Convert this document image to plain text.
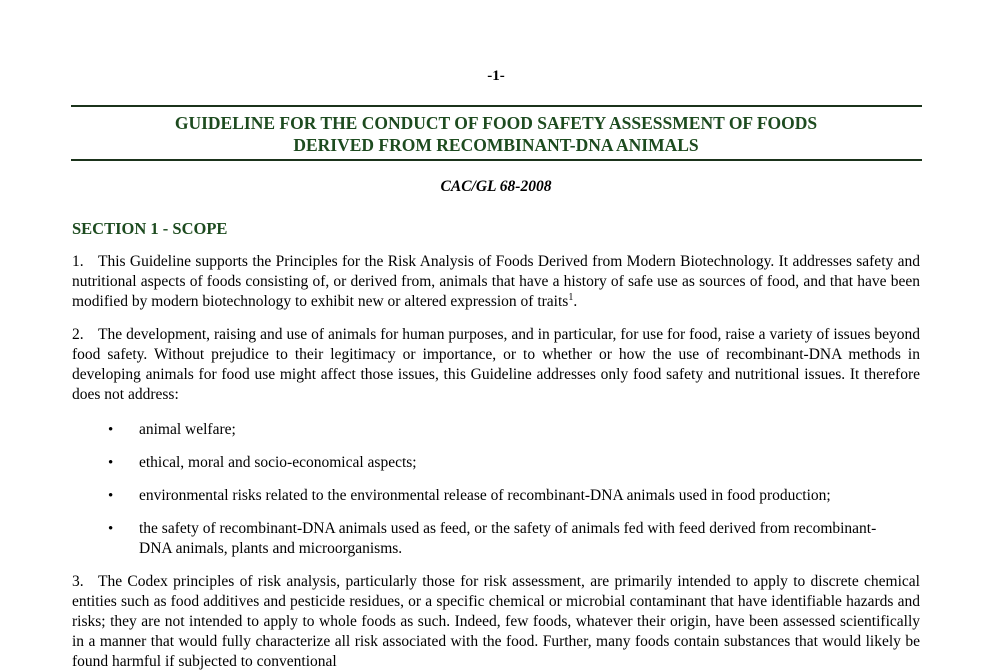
-1-
GUIDELINE FOR THE CONDUCT OF FOOD SAFETY ASSESSMENT OF FOODS
DERIVED FROM RECOMBINANT-DNA ANIMALS
CAC/GL 68-2008
SECTION 1 - SCOPE

1. This Guideline supports the Principles for the Risk Analysis of Foods Derived from Modern Biotechnology. It addresses safety and nutritional aspects of foods consisting of, or derived from, animals that have a history of safe use as sources of food, and that have been modified by modern biotechnology to exhibit new or altered expression of traits$^1$.

2. The development, raising and use of animals for human purposes, and in particular, for use for food, raise a variety of issues beyond food safety. Without prejudice to their legitimacy or importance, or to whether or how the use of recombinant-DNA methods in developing animals for food use might affect those issues, this Guideline addresses only food safety and nutritional issues. It therefore does not address:

• animal welfare;
• ethical, moral and socio-economical aspects;
• environmental risks related to the environmental release of recombinant-DNA animals used in food production;
• the safety of recombinant-DNA animals used as feed, or the safety of animals fed with feed derived from recombinant-DNA animals, plants and microorganisms.

3. The Codex principles of risk analysis, particularly those for risk assessment, are primarily intended to apply to discrete chemical entities such as food additives and pesticide residues, or a specific chemical or microbial contaminant that have identifiable hazards and risks; they are not intended to apply to whole foods as such. Indeed, few foods, whatever their origin, have been assessed scientifically in a manner that would fully characterize all risk associated with the food. Further, many foods contain substances that would likely be found harmful if subjected to conventional
